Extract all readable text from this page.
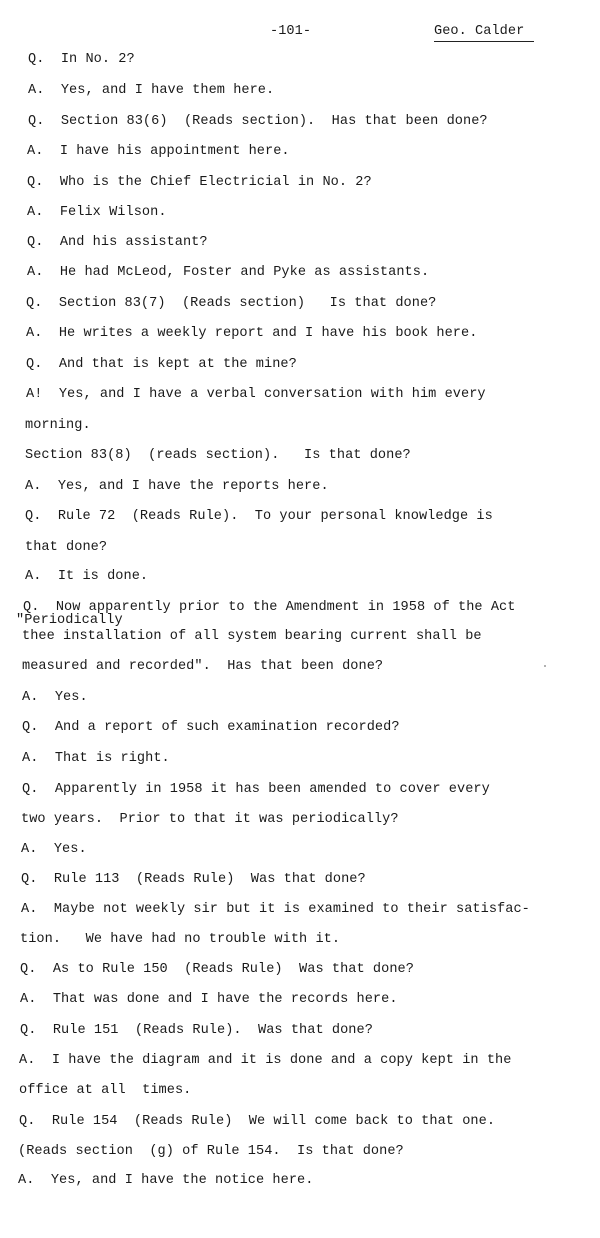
-101-	Geo. Calder
Q.  In No. 2?
A.  Yes, and I have them here.
Q.  Section 83(6)  (Reads section).  Has that been done?
A.  I have his appointment here.
Q.  Who is the Chief Electricial in No. 2?
A.  Felix Wilson.
Q.  And his assistant?
A.  He had McLeod, Foster and Pyke as assistants.
Q.  Section 83(7)  (Reads section)   Is that done?
A.  He writes a weekly report and I have his book here.
Q.  And that is kept at the mine?
A!  Yes, and I have a verbal conversation with him every
morning.
Section 83(8)  (reads section).   Is that done?
A.  Yes, and I have the reports here.
Q.  Rule 72  (Reads Rule).  To your personal knowledge is
that done?
A.  It is done.
Q.  Now apparently prior to the Amendment in 1958 of the Act
"Periodically
thee installation of all system bearing current shall be
measured and recorded".  Has that been done?
A.  Yes.
Q.  And a report of such examination recorded?
A.  That is right.
Q.  Apparently in 1958 it has been amended to cover every
two years.  Prior to that it was periodically?
A.  Yes.
Q.  Rule 113  (Reads Rule)  Was that done?
A.  Maybe not weekly sir but it is examined to their satisfac-
tion.   We have had no trouble with it.
Q.  As to Rule 150  (Reads Rule)  Was that done?
A.  That was done and I have the records here.
Q.  Rule 151  (Reads Rule).  Was that done?
A.  I have the diagram and it is done and a copy kept in the
office at all  times.
Q.  Rule 154  (Reads Rule)  We will come back to that one.
(Reads section  (g) of Rule 154.  Is that done?
A.  Yes, and I have the notice here.
